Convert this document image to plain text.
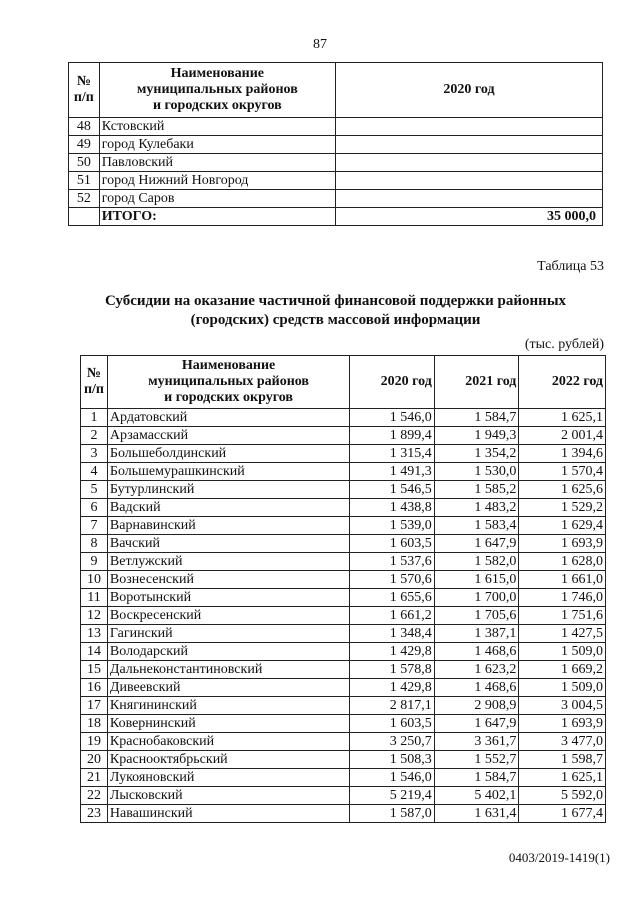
87
№
п/п	Наименование
муниципальных районов
и городских округов	2020 год
48	Кстовский	
49	город Кулебаки	
50	Павловский	
51	город Нижний Новгород	
52	город Саров	
	ИТОГО:	35 000,0
Таблица 53
Субсидии на оказание частичной финансовой поддержки районных
(городских) средств массовой информации
(тыс. рублей)
№
п/п	Наименование
муниципальных районов
и городских округов	2020 год	2021 год	2022 год
1	Ардатовский	1 546,0	1 584,7	1 625,1
2	Арзамасский	1 899,4	1 949,3	2 001,4
3	Большеболдинский	1 315,4	1 354,2	1 394,6
4	Большемурашкинский	1 491,3	1 530,0	1 570,4
5	Бутурлинский	1 546,5	1 585,2	1 625,6
6	Вадский	1 438,8	1 483,2	1 529,2
7	Варнавинский	1 539,0	1 583,4	1 629,4
8	Вачский	1 603,5	1 647,9	1 693,9
9	Ветлужский	1 537,6	1 582,0	1 628,0
10	Вознесенский	1 570,6	1 615,0	1 661,0
11	Воротынский	1 655,6	1 700,0	1 746,0
12	Воскресенский	1 661,2	1 705,6	1 751,6
13	Гагинский	1 348,4	1 387,1	1 427,5
14	Володарский	1 429,8	1 468,6	1 509,0
15	Дальнеконстантиновский	1 578,8	1 623,2	1 669,2
16	Дивеевский	1 429,8	1 468,6	1 509,0
17	Княгининский	2 817,1	2 908,9	3 004,5
18	Ковернинский	1 603,5	1 647,9	1 693,9
19	Краснобаковский	3 250,7	3 361,7	3 477,0
20	Краснооктябрьский	1 508,3	1 552,7	1 598,7
21	Лукояновский	1 546,0	1 584,7	1 625,1
22	Лысковский	5 219,4	5 402,1	5 592,0
23	Навашинский	1 587,0	1 631,4	1 677,4
0403/2019-1419(1)
